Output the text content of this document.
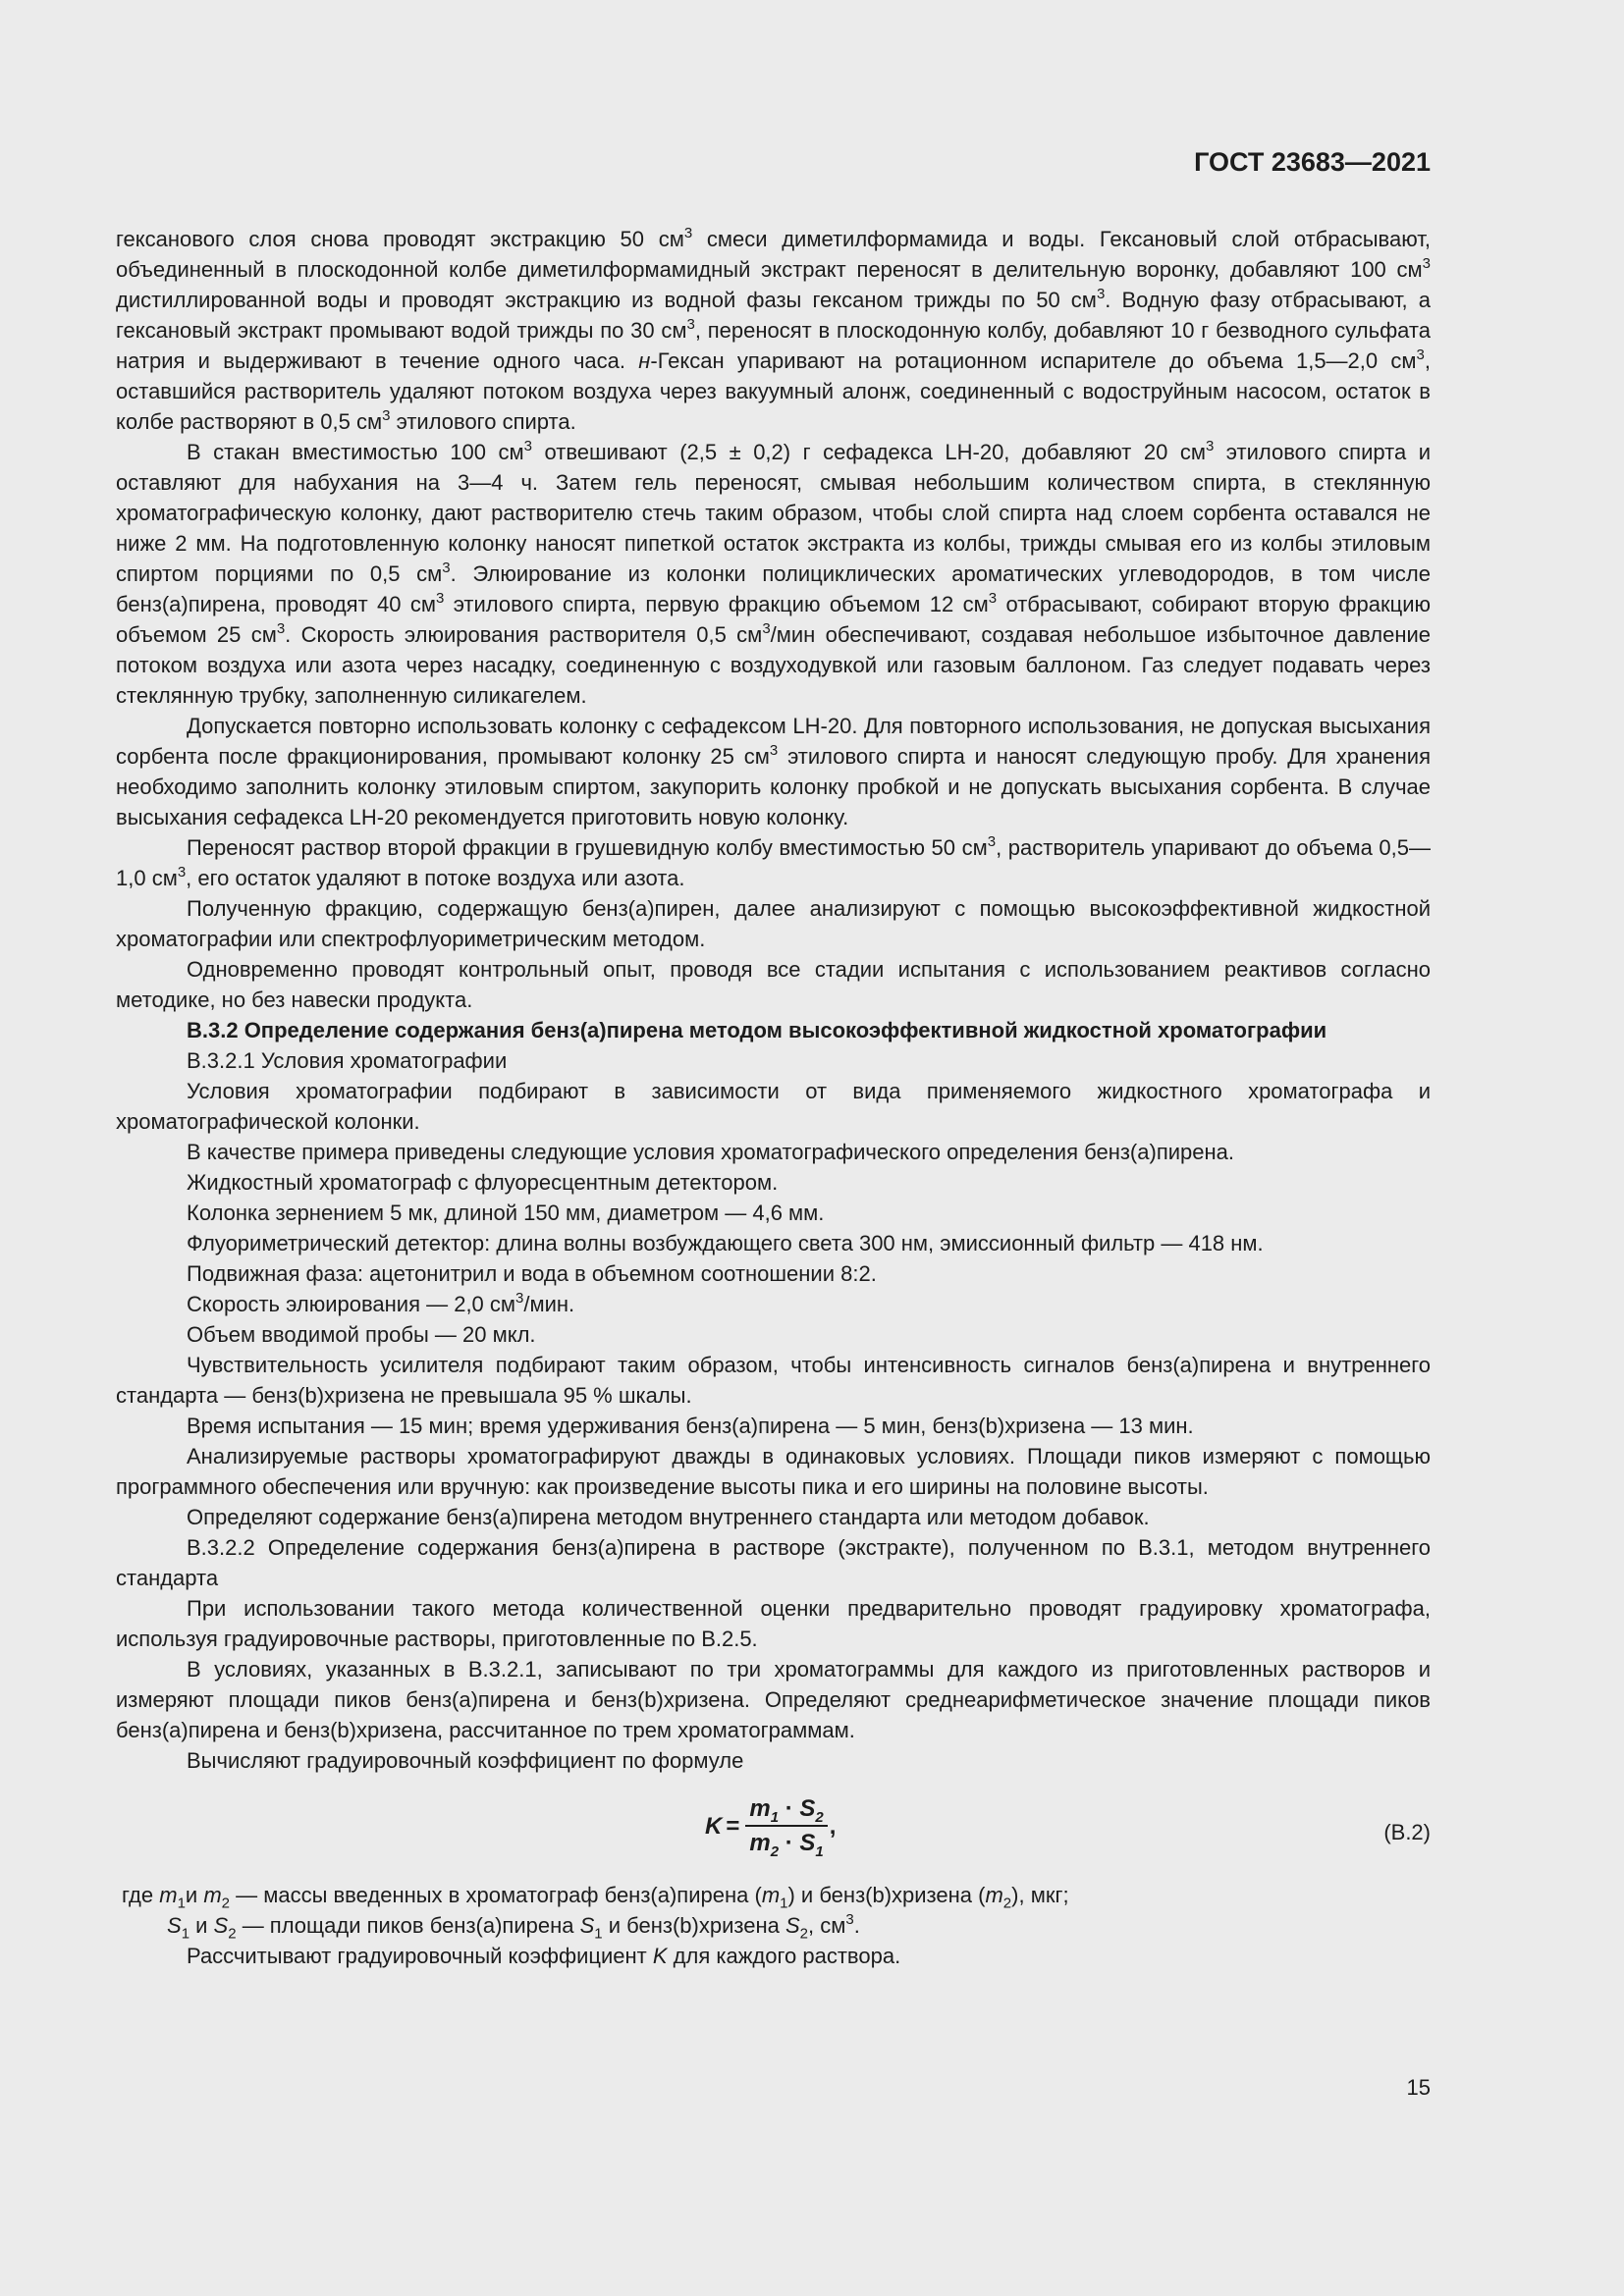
ГОСТ 23683—2021

гексанового слоя снова проводят экстракцию 50 $см^3$ смеси диметилформамида и воды. Гексановый слой отбрасывают, объединенный в плоскодонной колбе диметилформамидный экстракт переносят в делительную воронку, добавляют 100 $см^3$ дистиллированной воды и проводят экстракцию из водной фазы гексаном трижды по 50 $см^3$. Водную фазу отбрасывают, а гексановый экстракт промывают водой трижды по 30 $см^3$, переносят в плоскодонную колбу, добавляют 10 г безводного сульфата натрия и выдерживают в течение одного часа. н-Гексан упаривают на ротационном испарителе до объема 1,5—2,0 $см^3$, оставшийся растворитель удаляют потоком воздуха через вакуумный алонж, соединенный с водоструйным насосом, остаток в колбе растворяют в 0,5 $см^3$ этилового спирта.

В стакан вместимостью 100 $см^3$ отвешивают (2,5 ± 0,2) г сефадекса LH-20, добавляют 20 $см^3$ этилового спирта и оставляют для набухания на 3—4 ч. Затем гель переносят, смывая небольшим количеством спирта, в стеклянную хроматографическую колонку, дают растворителю стечь таким образом, чтобы слой спирта над слоем сорбента оставался не ниже 2 мм. На подготовленную колонку наносят пипеткой остаток экстракта из колбы, трижды смывая его из колбы этиловым спиртом порциями по 0,5 $см^3$. Элюирование из колонки полициклических ароматических углеводородов, в том числе бенз(а)пирена, проводят 40 $см^3$ этилового спирта, первую фракцию объемом 12 $см^3$ отбрасывают, собирают вторую фракцию объемом 25 $см^3$. Скорость элюирования растворителя 0,5 $см^3$/мин обеспечивают, создавая небольшое избыточное давление потоком воздуха или азота через насадку, соединенную с воздуходувкой или газовым баллоном. Газ следует подавать через стеклянную трубку, заполненную силикагелем.

Допускается повторно использовать колонку с сефадексом LH-20. Для повторного использования, не допуская высыхания сорбента после фракционирования, промывают колонку 25 $см^3$ этилового спирта и наносят следующую пробу. Для хранения необходимо заполнить колонку этиловым спиртом, закупорить колонку пробкой и не допускать высыхания сорбента. В случае высыхания сефадекса LH-20 рекомендуется приготовить новую колонку.

Переносят раствор второй фракции в грушевидную колбу вместимостью 50 $см^3$, растворитель упаривают до объема 0,5—1,0 $см^3$, его остаток удаляют в потоке воздуха или азота.

Полученную фракцию, содержащую бенз(а)пирен, далее анализируют с помощью высокоэффективной жидкостной хроматографии или спектрофлуориметрическим методом.

Одновременно проводят контрольный опыт, проводя все стадии испытания с использованием реактивов согласно методике, но без навески продукта.

В.3.2 Определение содержания бенз(а)пирена методом высокоэффективной жидкостной хроматографии

В.3.2.1 Условия хроматографии

Условия хроматографии подбирают в зависимости от вида применяемого жидкостного хроматографа и хроматографической колонки.

В качестве примера приведены следующие условия хроматографического определения бенз(а)пирена.

Жидкостный хроматограф с флуоресцентным детектором.

Колонка зернением 5 мк, длиной 150 мм, диаметром — 4,6 мм.

Флуориметрический детектор: длина волны возбуждающего света 300 нм, эмиссионный фильтр — 418 нм.

Подвижная фаза: ацетонитрил и вода в объемном соотношении 8:2.

Скорость элюирования — 2,0 $см^3$/мин.

Объем вводимой пробы — 20 мкл.

Чувствительность усилителя подбирают таким образом, чтобы интенсивность сигналов бенз(а)пирена и внутреннего стандарта — бенз(b)хризена не превышала 95 % шкалы.

Время испытания — 15 мин; время удерживания бенз(а)пирена — 5 мин, бенз(b)хризена — 13 мин.

Анализируемые растворы хроматографируют дважды в одинаковых условиях. Площади пиков измеряют с помощью программного обеспечения или вручную: как произведение высоты пика и его ширины на половине высоты.

Определяют содержание бенз(а)пирена методом внутреннего стандарта или методом добавок.

В.3.2.2 Определение содержания бенз(а)пирена в растворе (экстракте), полученном по В.3.1, методом внутреннего стандарта

При использовании такого метода количественной оценки предварительно проводят градуировку хроматографа, используя градуировочные растворы, приготовленные по В.2.5.

В условиях, указанных в В.3.2.1, записывают по три хроматограммы для каждого из приготовленных растворов и измеряют площади пиков бенз(а)пирена и бенз(b)хризена. Определяют среднеарифметическое значение площади пиков бенз(а)пирена и бенз(b)хризена, рассчитанное по трем хроматограммам.

Вычисляют градуировочный коэффициент по формуле

$K = \frac{m_1 \cdot S_2}{m_2 \cdot S_1}$ ,	(В.2)

где $m_1и$ $m_2$ — массы введенных в хроматограф бенз(а)пирена $(m_1)$ и бенз(b)хризена $(m_2)$, мкг;

$S_1$ и $S_2$ — площади пиков бенз(а)пирена $S_1$ и бенз(b)хризена $S_2$, $см^3$.

Рассчитывают градуировочный коэффициент K для каждого раствора.

15
